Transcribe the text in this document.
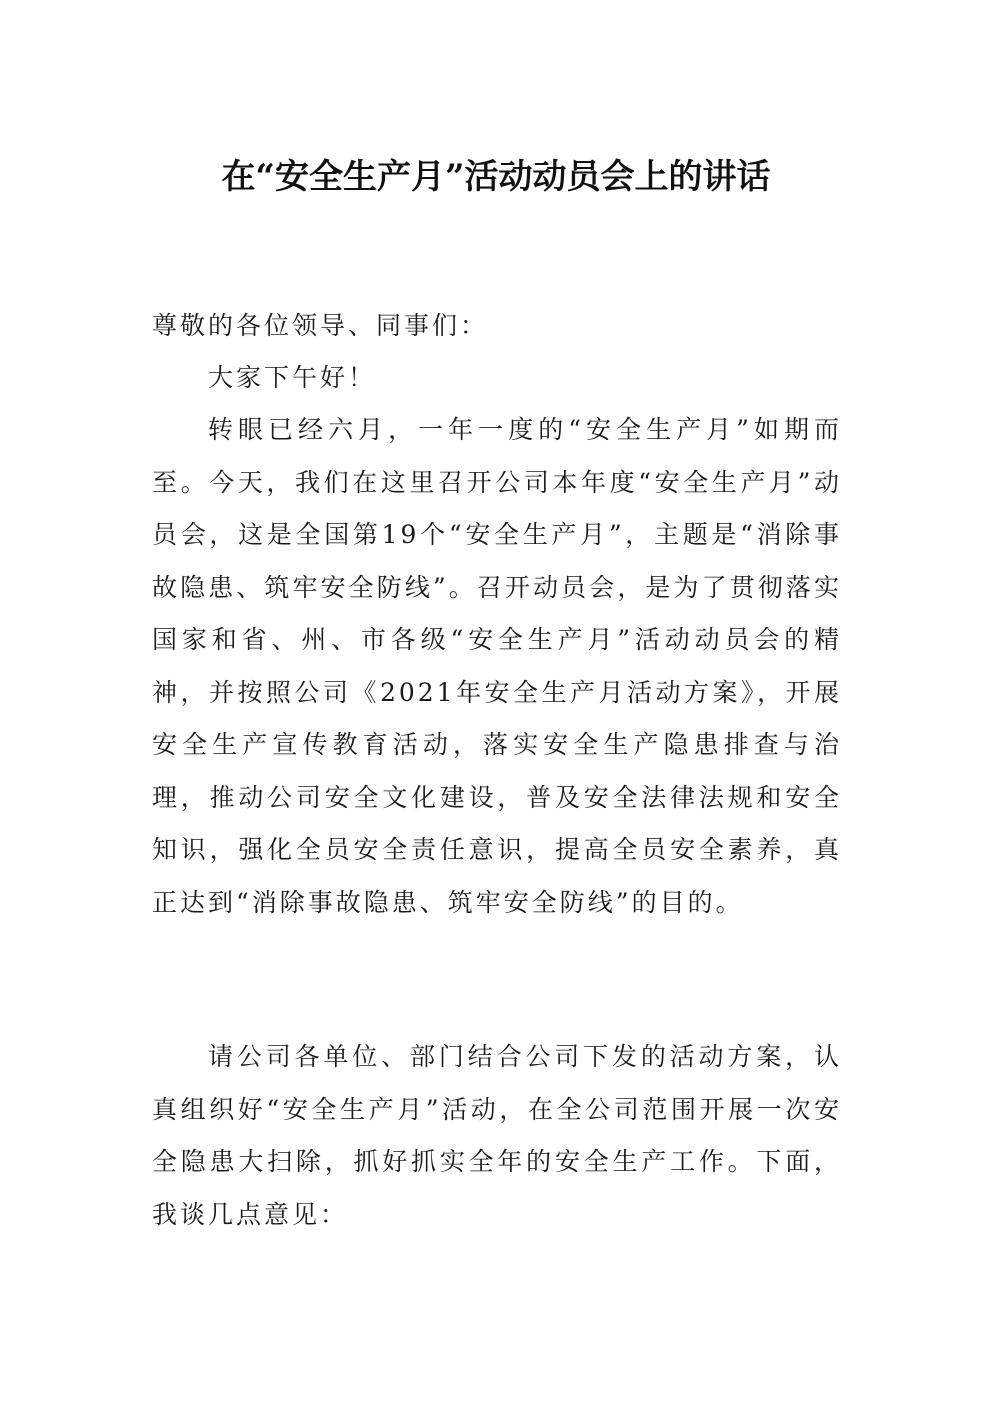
在“安全生产月”活动动员会上的讲话

尊敬的各位领导、同事们：

大家下午好！

转眼已经六月，一年一度的“安全生产月”如期而至。今天，我们在这里召开公司本年度“安全生产月”动员会，这是全国第19个“安全生产月”，主题是“消除事故隐患、筑牢安全防线”。召开动员会，是为了贯彻落实国家和省、州、市各级“安全生产月”活动动员会的精神，并按照公司《2021年安全生产月活动方案》，开展安全生产宣传教育活动，落实安全生产隐患排查与治理，推动公司安全文化建设，普及安全法律法规和安全知识，强化全员安全责任意识，提高全员安全素养，真正达到“消除事故隐患、筑牢安全防线”的目的。

请公司各单位、部门结合公司下发的活动方案，认真组织好“安全生产月”活动，在全公司范围开展一次安全隐患大扫除，抓好抓实全年的安全生产工作。下面，我谈几点意见：
